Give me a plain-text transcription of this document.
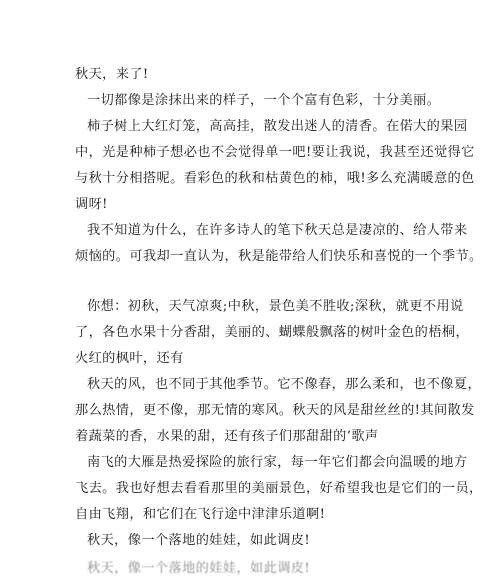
秋天，来了!

一切都像是涂抹出来的样子，一个个富有色彩，十分美丽。

柿子树上大红灯笼，高高挂，散发出迷人的清香。在偌大的果园
中，光是种柿子想必也不会觉得单一吧!要让我说，我甚至还觉得它
与秋十分相搭呢。看彩色的秋和枯黄色的柿，哦!多么充满暖意的色
调呀!

我不知道为什么，在许多诗人的笔下秋天总是凄凉的、给人带来
烦恼的。可我却一直认为，秋是能带给人们快乐和喜悦的一个季节。

你想：初秋，天气凉爽;中秋，景色美不胜收;深秋，就更不用说
了，各色水果十分香甜，美丽的、蝴蝶般飘落的树叶金色的梧桐，
火红的枫叶，还有

秋天的风，也不同于其他季节。它不像春，那么柔和，也不像夏，
那么热情，更不像，那无情的寒风。秋天的风是甜丝丝的!其间散发
着蔬菜的香，水果的甜，还有孩子们那甜甜的’歌声

南飞的大雁是热爱探险的旅行家，每一年它们都会向温暖的地方
飞去。我也好想去看看那里的美丽景色，好希望我也是它们的一员，
自由飞翔，和它们在飞行途中津津乐道啊!

秋天，像一个落地的娃娃，如此调皮!

秋天，像一个落地的娃娃，如此调皮!
